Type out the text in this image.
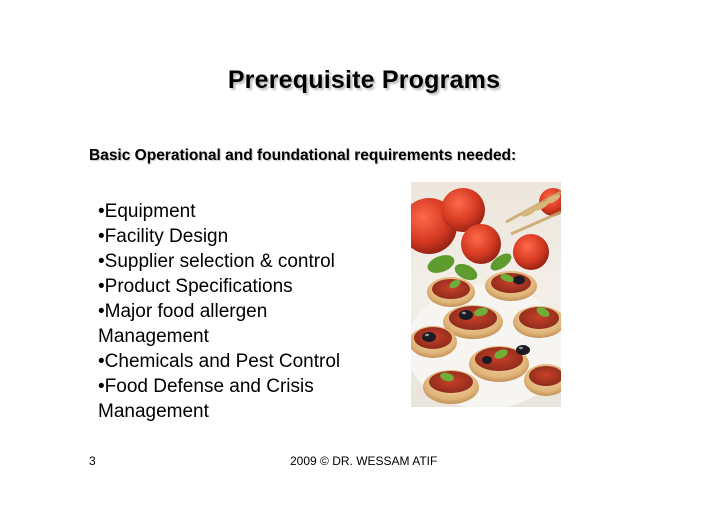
Prerequisite Programs
Basic Operational and foundational requirements needed:
•Equipment
•Facility Design
•Supplier selection & control
•Product Specifications
•Major food allergen
Management
•Chemicals and Pest Control
•Food Defense and Crisis
Management
3	2009 © DR. WESSAM ATIF
